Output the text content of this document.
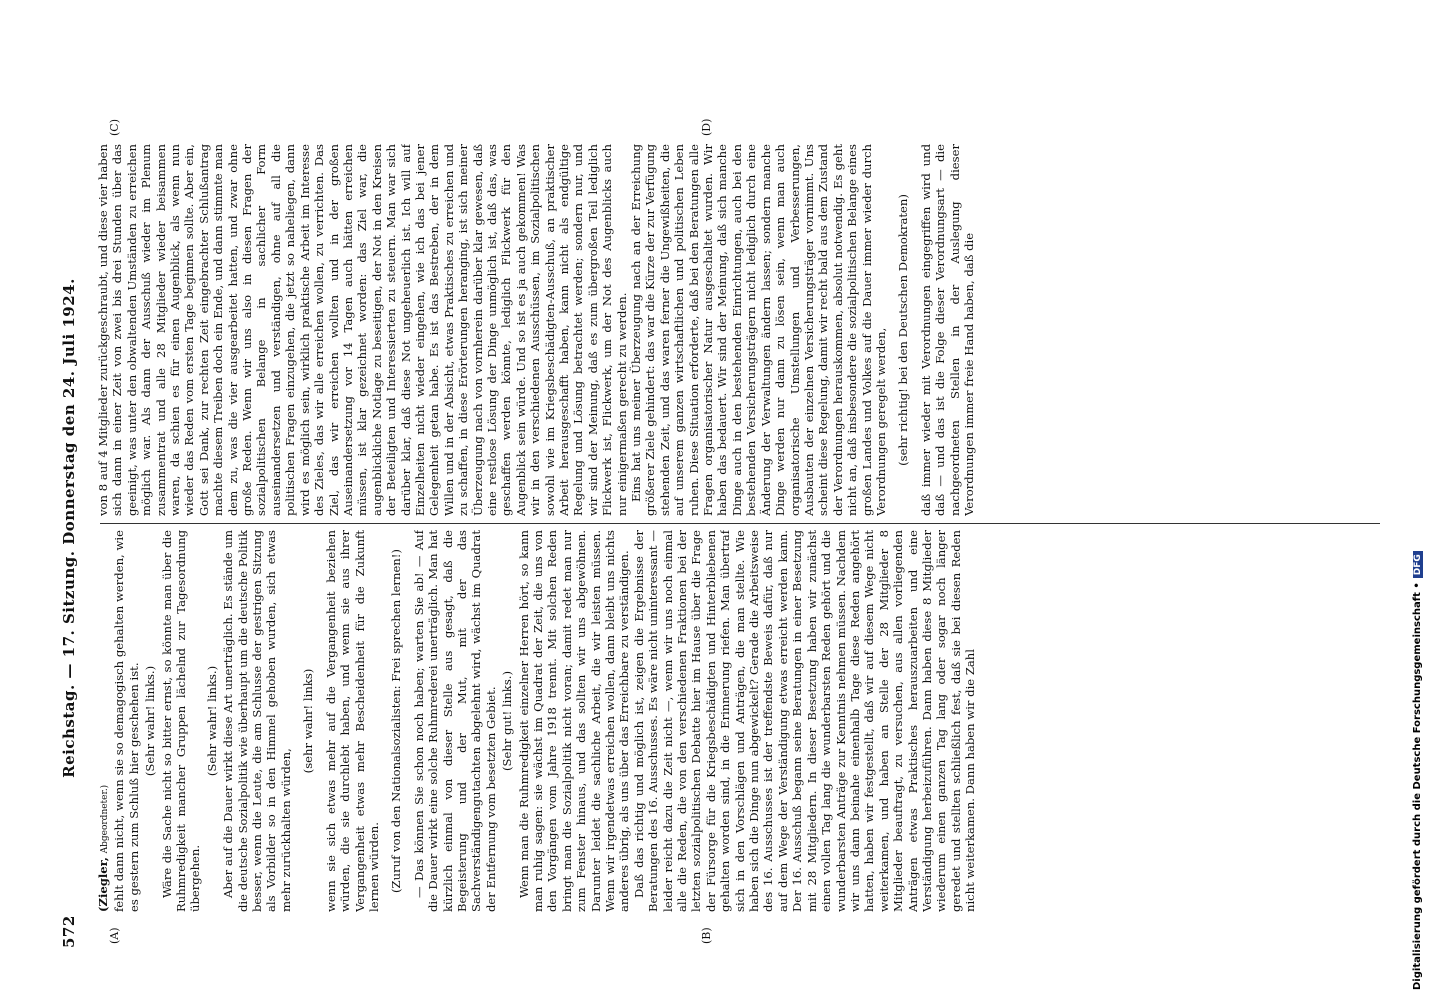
572
Reichstag. — 17. Sitzung. Donnerstag den 24. Juli 1924.
(A)	(B)
(C)	(D)

(Ziegler, Abgeordneter.) fehlt dann nicht, wenn sie so demagogisch gehalten werden, wie es gestern zum Schluß hier geschehen ist. (Sehr wahr! links.) Wäre die Sache nicht so bitter ernst, so könnte man über die Ruhmredigkeit mancher Gruppen lächelnd zur Tagesordnung übergehen.

(Sehr wahr! links.) Aber auf die Dauer wirkt diese Art unerträglich. Es stände um die deutsche Sozialpolitik wie überhaupt um die deutsche Politik besser, wenn die Leute, die am Schlusse der gestrigen Sitzung als Vorbilder so in den Himmel gehoben wurden, sich etwas mehr zurückhalten würden,

(sehr wahr! links) wenn sie sich etwas mehr auf die Vergangenheit beziehen würden, die sie durchlebt haben, und wenn sie aus ihrer Vergangenheit etwas mehr Bescheidenheit für die Zukunft lernen würden. (Zuruf von den Nationalsozialisten: Frei sprechen lernen!) — Das können Sie schon noch haben; warten Sie ab! — Auf die Dauer wirkt eine solche Ruhmrederei unerträglich. Man hat kürzlich einmal von dieser Stelle aus gesagt, daß die Begeisterung und der Mut, mit der das Sachverständigengutachten abgelehnt wird, wächst im Quadrat der Entfernung vom besetzten Gebiet. (Sehr gut! links.) Wenn man die Ruhmredigkeit einzelner Herren hört, so kann man ruhig sagen: sie wächst im Quadrat der Zeit, die uns von den Vorgängen vom Jahre 1918 trennt. Mit solchen Reden bringt man die Sozialpolitik nicht voran; damit redet man nur zum Fenster hinaus, und das sollten wir uns abgewöhnen. Darunter leidet die sachliche Arbeit, die wir leisten müssen. Wenn wir irgendetwas erreichen wollen, dann bleibt uns nichts anderes übrig, als uns über das Erreichbare zu verständigen. Daß das richtig und möglich ist, zeigen die Ergebnisse der Beratungen des 16. Ausschusses. Es wäre nicht uninteressant — leider reicht dazu die Zeit nicht —, wenn wir uns noch einmal alle die Reden, die von den verschiedenen Fraktionen bei der letzten sozialpolitischen Debatte hier im Hause über die Frage der Fürsorge für die Kriegsbeschädigten und Hinterbliebenen gehalten worden sind, in die Erinnerung riefen. Man übertraf sich in den Vorschlägen und Anträgen, die man stellte. Wie haben sich die Dinge nun abgewickelt? Gerade die Arbeitsweise des 16. Ausschusses ist der treffendste Beweis dafür, daß nur auf dem Wege der Verständigung etwas erreicht werden kann. Der 16. Ausschuß begann seine Beratungen in einer Besetzung mit 28 Mitgliedern. In dieser Besetzung haben wir zunächst einen vollen Tag lang die wunderbarsten Reden gehört und die wunderbarsten Anträge zur Kenntnis nehmen müssen. Nachdem wir uns dann beinahe einenhalb Tage diese Reden angehört hatten, haben wir festgestellt, daß wir auf diesem Wege nicht weiterkamen, und haben an Stelle der 28 Mitglieder 8 Mitglieder beauftragt, zu versuchen, aus allen vorliegenden Anträgen etwas Praktisches herauszuarbeiten und eine Verständigung herbeizuführen. Dann haben diese 8 Mitglieder wiederum einen ganzen Tag lang oder sogar noch länger geredet und stellten schließlich fest, daß sie bei diesen Reden nicht weiterkamen. Dann haben wir die Zahl

von 8 auf 4 Mitglieder zurückgeschraubt, und diese vier haben sich dann in einer Zeit von zwei bis drei Stunden über das geeinigt, was unter den obwaltenden Umständen zu erreichen möglich war. Als dann der Ausschuß wieder im Plenum zusammentrat und alle 28 Mitglieder wieder beisammen waren, da schien es für einen Augenblick, als wenn nun wieder das Reden vom ersten Tage beginnen sollte. Aber ein, Gott sei Dank, zur rechten Zeit eingebrachter Schlußantrag machte diesem Treiben doch ein Ende, und dann stimmte man dem zu, was die vier ausgearbeitet hatten, und zwar ohne große Reden. Wenn wir uns also in diesen Fragen der sozialpolitischen Belange in sachlicher Form auseinandersetzen und verständigen, ohne auf all die politischen Fragen einzugehen, die jetzt so naheliegen, dann wird es möglich sein, wirklich praktische Arbeit im Interesse des Zieles, das wir alle erreichen wollen, zu verrichten. Das Ziel, das wir erreichen wollten und in der großen Auseinandersetzung vor 14 Tagen auch hätten erreichen müssen, ist klar gezeichnet worden: das Ziel war, die augenblickliche Notlage zu beseitigen, der Not in den Kreisen der Beteiligten und Interessierten zu steuern. Man war sich darüber klar, daß diese Not ungeheuerlich ist. Ich will auf Einzelheiten nicht wieder eingehen, wie ich das bei jener Gelegenheit getan habe. Es ist das Bestreben, der in dem Willen und in der Absicht, etwas Praktisches zu erreichen und zu schaffen, in diese Erörterungen heranging, ist sich meiner Überzeugung nach von vornherein darüber klar gewesen, daß eine restlose Lösung der Dinge unmöglich ist, daß das, was geschaffen werden könnte, lediglich Flickwerk für den Augenblick sein würde. Und so ist es ja auch gekommen! Was wir in den verschiedenen Ausschüssen, im Sozialpolitischen sowohl wie im Kriegsbeschädigten-Ausschuß, an praktischer Arbeit herausgeschafft haben, kann nicht als endgültige Regelung und Lösung betrachtet werden; sondern nur, und wir sind der Meinung, daß es zum übergroßen Teil lediglich Flickwerk ist, Flickwerk, um der Not des Augenblicks auch nur einigermaßen gerecht zu werden. Eins hat uns meiner Überzeugung nach an der Erreichung größerer Ziele gehindert: das war die Kürze der zur Verfügung stehenden Zeit, und das waren ferner die Ungewißheiten, die auf unserem ganzen wirtschaftlichen und politischen Leben ruhen. Diese Situation erforderte, daß bei den Beratungen alle Fragen organisatorischer Natur ausgeschaltet wurden. Wir haben das bedauert. Wir sind der Meinung, daß sich manche Dinge auch in den bestehenden Einrichtungen, auch bei den bestehenden Versicherungsträgern nicht lediglich durch eine Änderung der Verwaltungen ändern lassen; sondern manche Dinge werden nur dann zu lösen sein, wenn man auch organisatorische Umstellungen und Verbesserungen, Ausbauten der einzelnen Versicherungsträger vornimmt. Uns scheint diese Regelung, damit wir recht bald aus dem Zustand der Verordnungen herauskommen, absolut notwendig. Es geht nicht an, daß insbesondere die sozialpolitischen Belange eines großen Landes und Volkes auf die Dauer immer wieder durch Verordnungen geregelt werden, (sehr richtig! bei den Deutschen Demokraten) daß immer wieder mit Verordnungen eingegriffen wird und daß — und das ist die Folge dieser Verordnungsart — die nachgeordneten Stellen in der Auslegung dieser Verordnungen immer freie Hand haben, daß die

Digitalisierung gefördert durch die Deutsche Forschungsgemeinschaft •DFG
